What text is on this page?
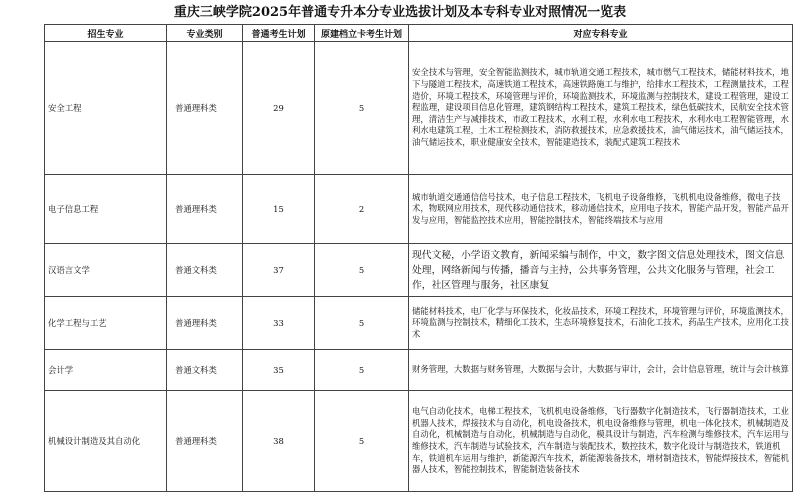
重庆三峡学院2025年普通专升本分专业选拔计划及本专科专业对照情况一览表
招生专业	专业类别	普通考生计划	原建档立卡考生计划	对应专科专业
安全工程	普通理科类	29	5	安全技术与管理，安全智能监测技术，城市轨道交通工程技术，城市燃气工程技术，储能材料技术，地下与隧道工程技术，高速铁道工程技术，高速铁路施工与维护，给排水工程技术，工程测量技术，工程造价，环境工程技术，环境管理与评价，环境监测技术，环境监测与控制技术，建设工程管理，建设工程监理，建设项目信息化管理，建筑钢结构工程技术，建筑工程技术，绿色低碳技术，民航安全技术管理，清洁生产与减排技术，市政工程技术，水利工程，水利水电工程技术，水利水电工程智能管理，水利水电建筑工程，土木工程检测技术，消防救援技术，应急救援技术，油气储运技术，油气储运技术，油气储运技术，职业健康安全技术，智能建造技术，装配式建筑工程技术
电子信息工程	普通理科类	15	2	城市轨道交通通信信号技术，电子信息工程技术，飞机电子设备维修，飞机机电设备维修，微电子技术，物联网应用技术，现代移动通信技术，移动通信技术，应用电子技术，智能产品开发，智能产品开发与应用，智能监控技术应用，智能控制技术，智能终端技术与应用
汉语言文学	普通文科类	37	5	现代文秘，小学语文教育，新闻采编与制作，中文，数字图文信息处理技术，图文信息处理，网络新闻与传播，播音与主持，公共事务管理，公共文化服务与管理，社会工作，社区管理与服务，社区康复
化学工程与工艺	普通理科类	33	5	储能材料技术，电厂化学与环保技术，化妆品技术，环境工程技术，环境管理与评价，环境监测技术，环境监测与控制技术，精细化工技术，生态环境修复技术，石油化工技术，药品生产技术，应用化工技术
会计学	普通文科类	35	5	财务管理，大数据与财务管理，大数据与会计，大数据与审计，会计，会计信息管理，统计与会计核算
机械设计制造及其自动化	普通理科类	38	5	电气自动化技术，电梯工程技术，飞机机电设备维修，飞行器数字化制造技术，飞行器制造技术，工业机器人技术，焊接技术与自动化，机电设备技术，机电设备维修与管理，机电一体化技术，机械制造及自动化，机械制造与自动化，机械制造与自动化，模具设计与制造，汽车检测与维修技术，汽车运用与维修技术，汽车制造与试验技术，汽车制造与装配技术，数控技术，数字化设计与制造技术，铁道机车，铁道机车运用与维护，新能源汽车技术，新能源装备技术，增材制造技术，智能焊接技术，智能机器人技术，智能控制技术，智能制造装备技术
